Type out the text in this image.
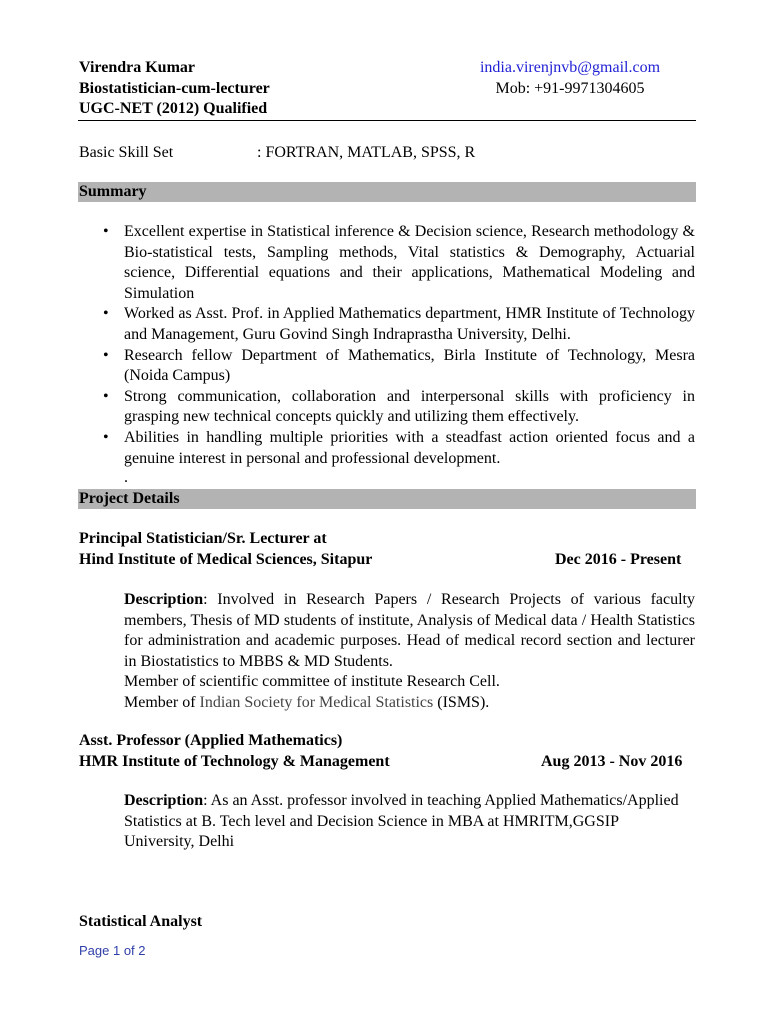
Virendra Kumar
Biostatistician-cum-lecturer
UGC-NET (2012) Qualified
india.virenjnvb@gmail.com
Mob: +91-9971304605
Basic Skill Set	: FORTRAN, MATLAB, SPSS, R
Summary
• Excellent expertise in Statistical inference & Decision science, Research methodology & Bio-statistical tests, Sampling methods, Vital statistics & Demography, Actuarial science, Differential equations and their applications, Mathematical Modeling and Simulation
• Worked as Asst. Prof. in Applied Mathematics department, HMR Institute of Technology and Management, Guru Govind Singh Indraprastha University, Delhi.
• Research fellow Department of Mathematics, Birla Institute of Technology, Mesra (Noida Campus)
• Strong communication, collaboration and interpersonal skills with proficiency in grasping new technical concepts quickly and utilizing them effectively.
• Abilities in handling multiple priorities with a steadfast action oriented focus and a genuine interest in personal and professional development.
.
Project Details
Principal Statistician/Sr. Lecturer at
Hind Institute of Medical Sciences, Sitapur	Dec 2016 - Present
Description: Involved in Research Papers / Research Projects of various faculty members, Thesis of MD students of institute, Analysis of Medical data / Health Statistics for administration and academic purposes. Head of medical record section and lecturer in Biostatistics to MBBS & MD Students.
Member of scientific committee of institute Research Cell.
Member of Indian Society for Medical Statistics (ISMS).
Asst. Professor (Applied Mathematics)
HMR Institute of Technology & Management	Aug 2013 - Nov 2016
Description: As an Asst. professor involved in teaching Applied Mathematics/Applied Statistics at B. Tech level and Decision Science in MBA at HMRITM,GGSIP University, Delhi
Statistical Analyst
Page 1 of 2
